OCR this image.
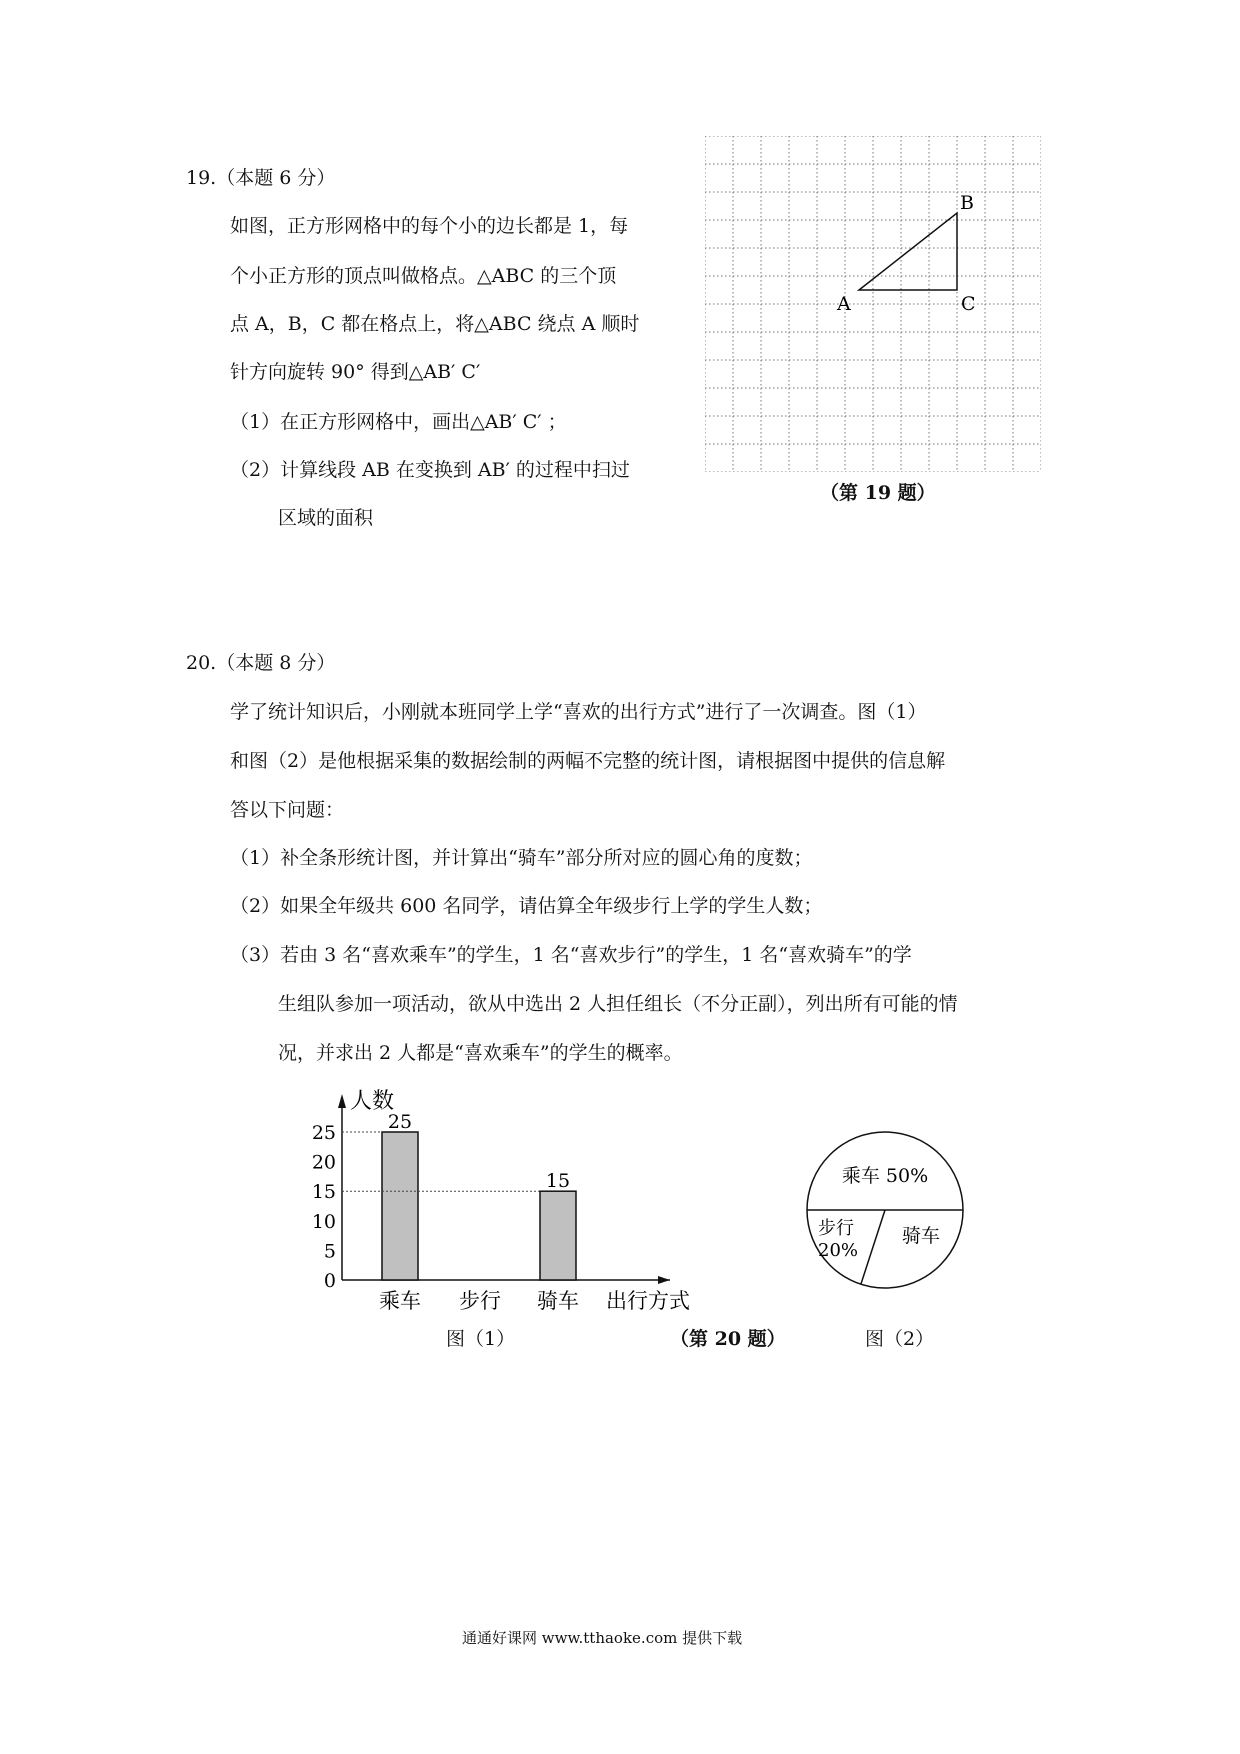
19.（本题 6 分）
如图，正方形网格中的每个小的边长都是 1，每
个小正方形的顶点叫做格点。△ABC 的三个顶
点 A，B，C 都在格点上，将△ABC 绕点 A 顺时
针方向旋转 90° 得到△AB′ C′
（1）在正方形网格中，画出△AB′ C′ ；
（2）计算线段 AB 在变换到 AB′ 的过程中扫过
区域的面积
A
B
C
（第 19 题）
20.（本题 8 分）
学了统计知识后，小刚就本班同学上学“喜欢的出行方式”进行了一次调查。图（1）
和图（2）是他根据采集的数据绘制的两幅不完整的统计图，请根据图中提供的信息解
答以下问题：
（1）补全条形统计图，并计算出“骑车”部分所对应的圆心角的度数；
（2）如果全年级共 600 名同学，请估算全年级步行上学的学生人数；
（3）若由 3 名“喜欢乘车”的学生，1 名“喜欢步行”的学生，1 名“喜欢骑车”的学
生组队参加一项活动，欲从中选出 2 人担任组长（不分正副），列出所有可能的情
况，并求出 2 人都是“喜欢乘车”的学生的概率。
人数
0
5
10
15
20
25	25
乘车 步行
15
骑车 出行方式
乘车 50%
步行
20%
骑车
图（1）	（第 20 题）	图（2）
通通好课网 www.tthaoke.com 提供下载
